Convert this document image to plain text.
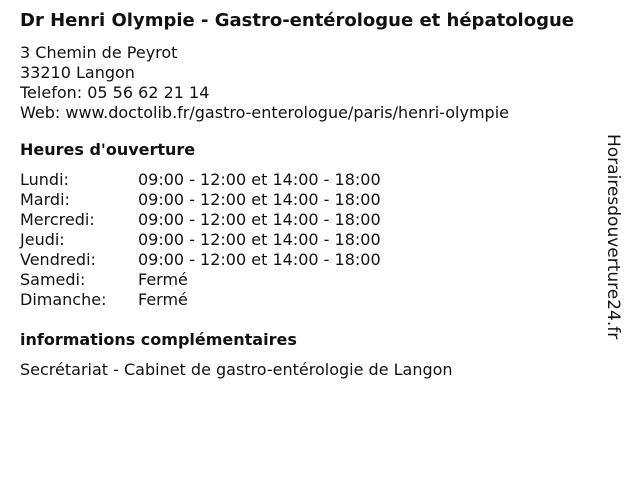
Dr Henri Olympie - Gastro-entérologue et hépatologue
3 Chemin de Peyrot
33210 Langon
Telefon: 05 56 62 21 14
Web: www.doctolib.fr/gastro-enterologue/paris/henri-olympie
Heures d'ouverture
Lundi:	09:00 - 12:00 et 14:00 - 18:00
Mardi:	09:00 - 12:00 et 14:00 - 18:00
Mercredi:	09:00 - 12:00 et 14:00 - 18:00
Jeudi:	09:00 - 12:00 et 14:00 - 18:00
Vendredi:	09:00 - 12:00 et 14:00 - 18:00
Samedi:	Fermé
Dimanche:	Fermé
informations complémentaires
Secrétariat - Cabinet de gastro-entérologie de Langon
Horairesdouverture24.fr
